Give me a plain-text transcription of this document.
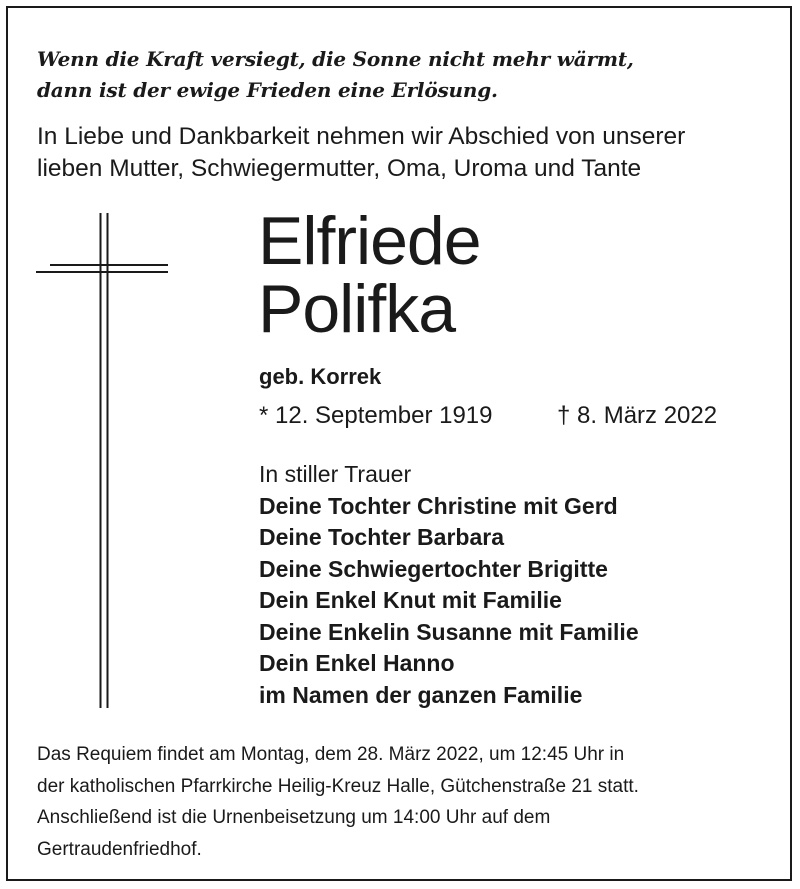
Wenn die Kraft versiegt, die Sonne nicht mehr wärmt,
dann ist der ewige Frieden eine Erlösung.
In Liebe und Dankbarkeit nehmen wir Abschied von unserer
lieben Mutter, Schwiegermutter, Oma, Uroma und Tante
Elfriede
Polifka
geb. Korrek
* 12. September 1919	† 8. März 2022
In stiller Trauer
Deine Tochter Christine mit Gerd
Deine Tochter Barbara
Deine Schwiegertochter Brigitte
Dein Enkel Knut mit Familie
Deine Enkelin Susanne mit Familie
Dein Enkel Hanno
im Namen der ganzen Familie
Das Requiem findet am Montag, dem 28. März 2022, um 12:45 Uhr in
der katholischen Pfarrkirche Heilig-Kreuz Halle, Gütchenstraße 21 statt.
Anschließend ist die Urnenbeisetzung um 14:00 Uhr auf dem
Gertraudenfriedhof.
